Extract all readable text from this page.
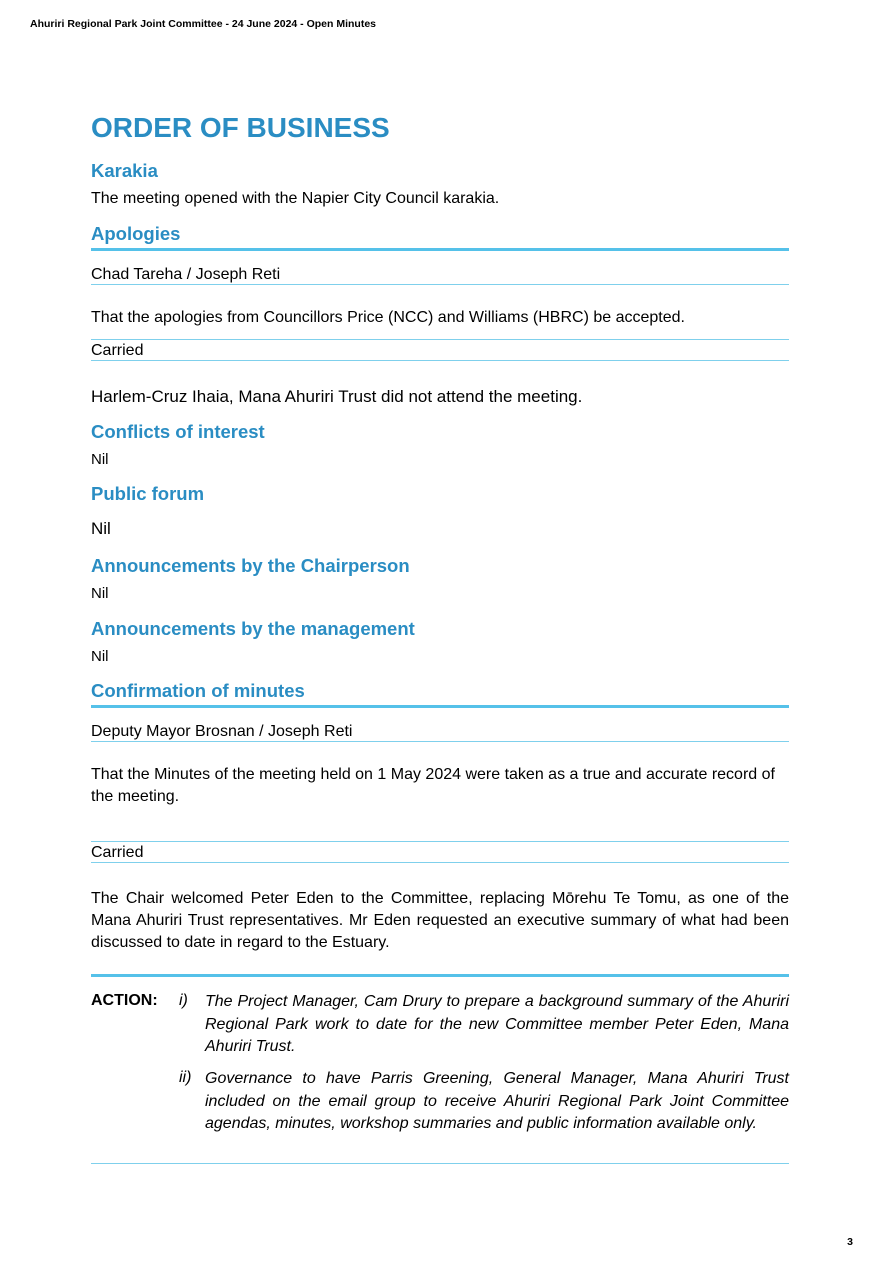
Ahuriri Regional Park Joint Committee - 24 June 2024 - Open Minutes
3
ORDER OF BUSINESS
Karakia
The meeting opened with the Napier City Council karakia.
Apologies
Chad Tareha / Joseph Reti
That the apologies from Councillors Price (NCC) and Williams (HBRC) be accepted.
Carried
Harlem-Cruz Ihaia, Mana Ahuriri Trust did not attend the meeting.
Conflicts of interest
Nil
Public forum
Nil
Announcements by the Chairperson
Nil
Announcements by the management
Nil
Confirmation of minutes
Deputy Mayor Brosnan / Joseph Reti
That the Minutes of the meeting held on 1 May 2024 were taken as a true and accurate record of the meeting.
Carried
The Chair welcomed Peter Eden to the Committee, replacing Mōrehu Te Tomu, as one of the Mana Ahuriri Trust representatives. Mr Eden requested an executive summary of what had been discussed to date in regard to the Estuary.
ACTION: i) The Project Manager, Cam Drury to prepare a background summary of the Ahuriri Regional Park work to date for the new Committee member Peter Eden, Mana Ahuriri Trust.
ii) Governance to have Parris Greening, General Manager, Mana Ahuriri Trust included on the email group to receive Ahuriri Regional Park Joint Committee agendas, minutes, workshop summaries and public information available only.
